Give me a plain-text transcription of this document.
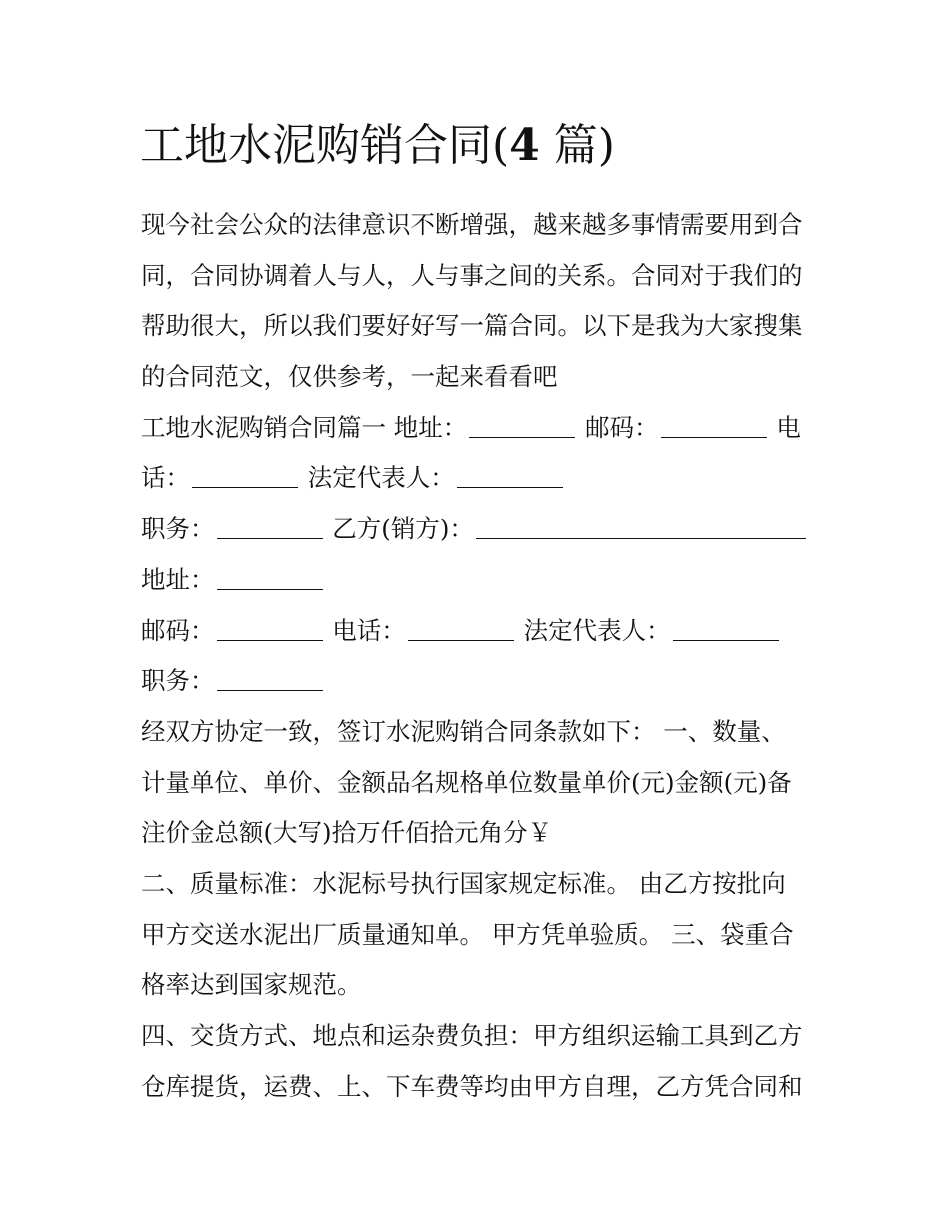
工地水泥购销合同(4 篇)
现今社会公众的法律意识不断增强，越来越多事情需要用到合
同，合同协调着人与人，人与事之间的关系。合同对于我们的
帮助很大，所以我们要好好写一篇合同。以下是我为大家搜集
的合同范文，仅供参考，一起来看看吧
工地水泥购销合同篇一 地址：	邮码：	电
话：	法定代表人：
职务：	乙方(销方)：
地址：
邮码：	电话：	法定代表人：
职务：
经双方协定一致，签订水泥购销合同条款如下： 一、数量、
计量单位、单价、金额品名规格单位数量单价(元)金额(元)备
注价金总额(大写)拾万仟佰拾元角分￥
二、质量标准：水泥标号执行国家规定标准。 由乙方按批向
甲方交送水泥出厂质量通知单。 甲方凭单验质。 三、袋重合
格率达到国家规范。
四、交货方式、地点和运杂费负担：甲方组织运输工具到乙方
仓库提货，运费、上、下车费等均由甲方自理，乙方凭合同和
